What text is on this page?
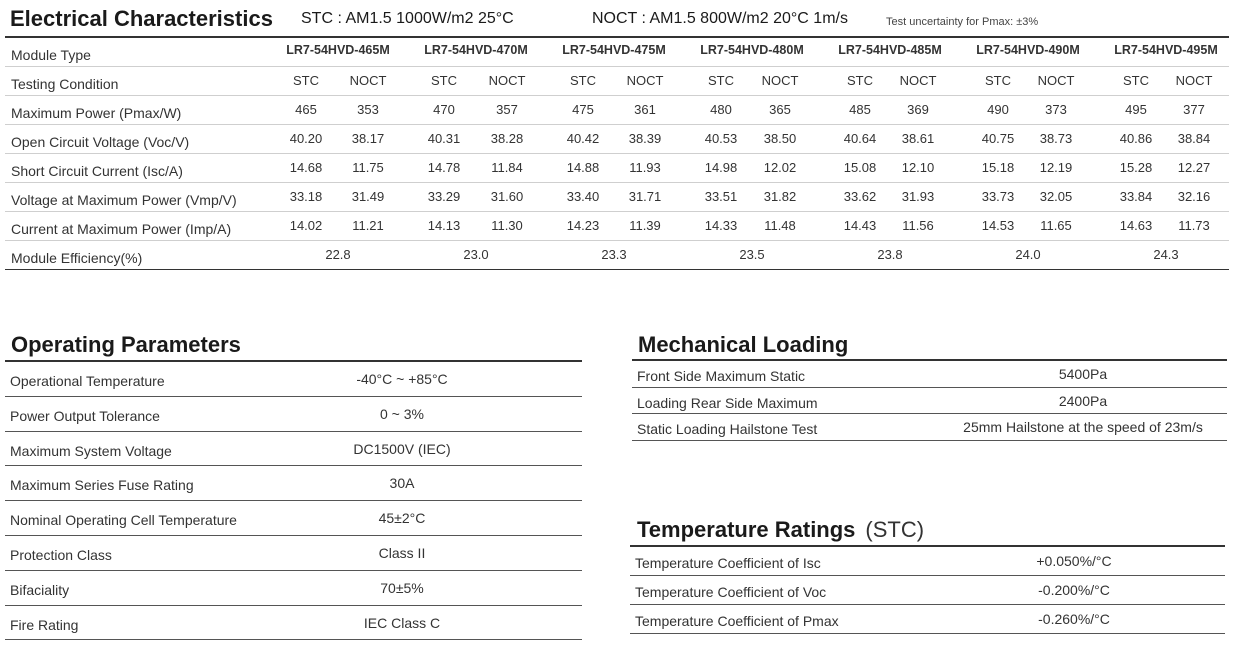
Electrical Characteristics STC : AM1.5 1000W/m2 25°C	NOCT : AM1.5 800W/m2 20°C 1m/s	Test uncertainty for Pmax: ±3%
Module Type	LR7-54HVD-465M	LR7-54HVD-470M	LR7-54HVD-475M	LR7-54HVD-480M	LR7-54HVD-485M	LR7-54HVD-490M	LR7-54HVD-495M
Testing Condition	STC	NOCT	STC	NOCT	STC	NOCT	STC	NOCT	STC	NOCT	STC	NOCT	STC	NOCT
Maximum Power (Pmax/W)	465	353	470	357	475	361	480	365	485	369	490	373	495	377
Open Circuit Voltage (Voc/V)	40.20	38.17	40.31	38.28	40.42	38.39	40.53	38.50	40.64	38.61	40.75	38.73	40.86	38.84
Short Circuit Current (Isc/A)	14.68	11.75	14.78	11.84	14.88	11.93	14.98	12.02	15.08	12.10	15.18	12.19	15.28	12.27
Voltage at Maximum Power (Vmp/V)	33.18	31.49	33.29	31.60	33.40	31.71	33.51	31.82	33.62	31.93	33.73	32.05	33.84	32.16
Current at Maximum Power (Imp/A)	14.02	11.21	14.13	11.30	14.23	11.39	14.33	11.48	14.43	11.56	14.53	11.65	14.63	11.73
Module Efficiency(%)	22.8	23.0	23.3	23.5	23.8	24.0	24.3
Operating Parameters
Operational Temperature	-40°C ~ +85°C
Power Output Tolerance	0 ~ 3%
Maximum System Voltage	DC1500V (IEC)
Maximum Series Fuse Rating	30A
Nominal Operating Cell Temperature	45±2°C
Protection Class	Class II
Bifaciality	70±5%
Fire Rating	IEC Class C
Mechanical Loading
Front Side Maximum Static	5400Pa
Loading Rear Side Maximum	2400Pa
Static Loading Hailstone Test	25mm Hailstone at the speed of 23m/s
Temperature Ratings (STC)
Temperature Coefficient of Isc	+0.050%/°C
Temperature Coefficient of Voc	-0.200%/°C
Temperature Coefficient of Pmax	-0.260%/°C
